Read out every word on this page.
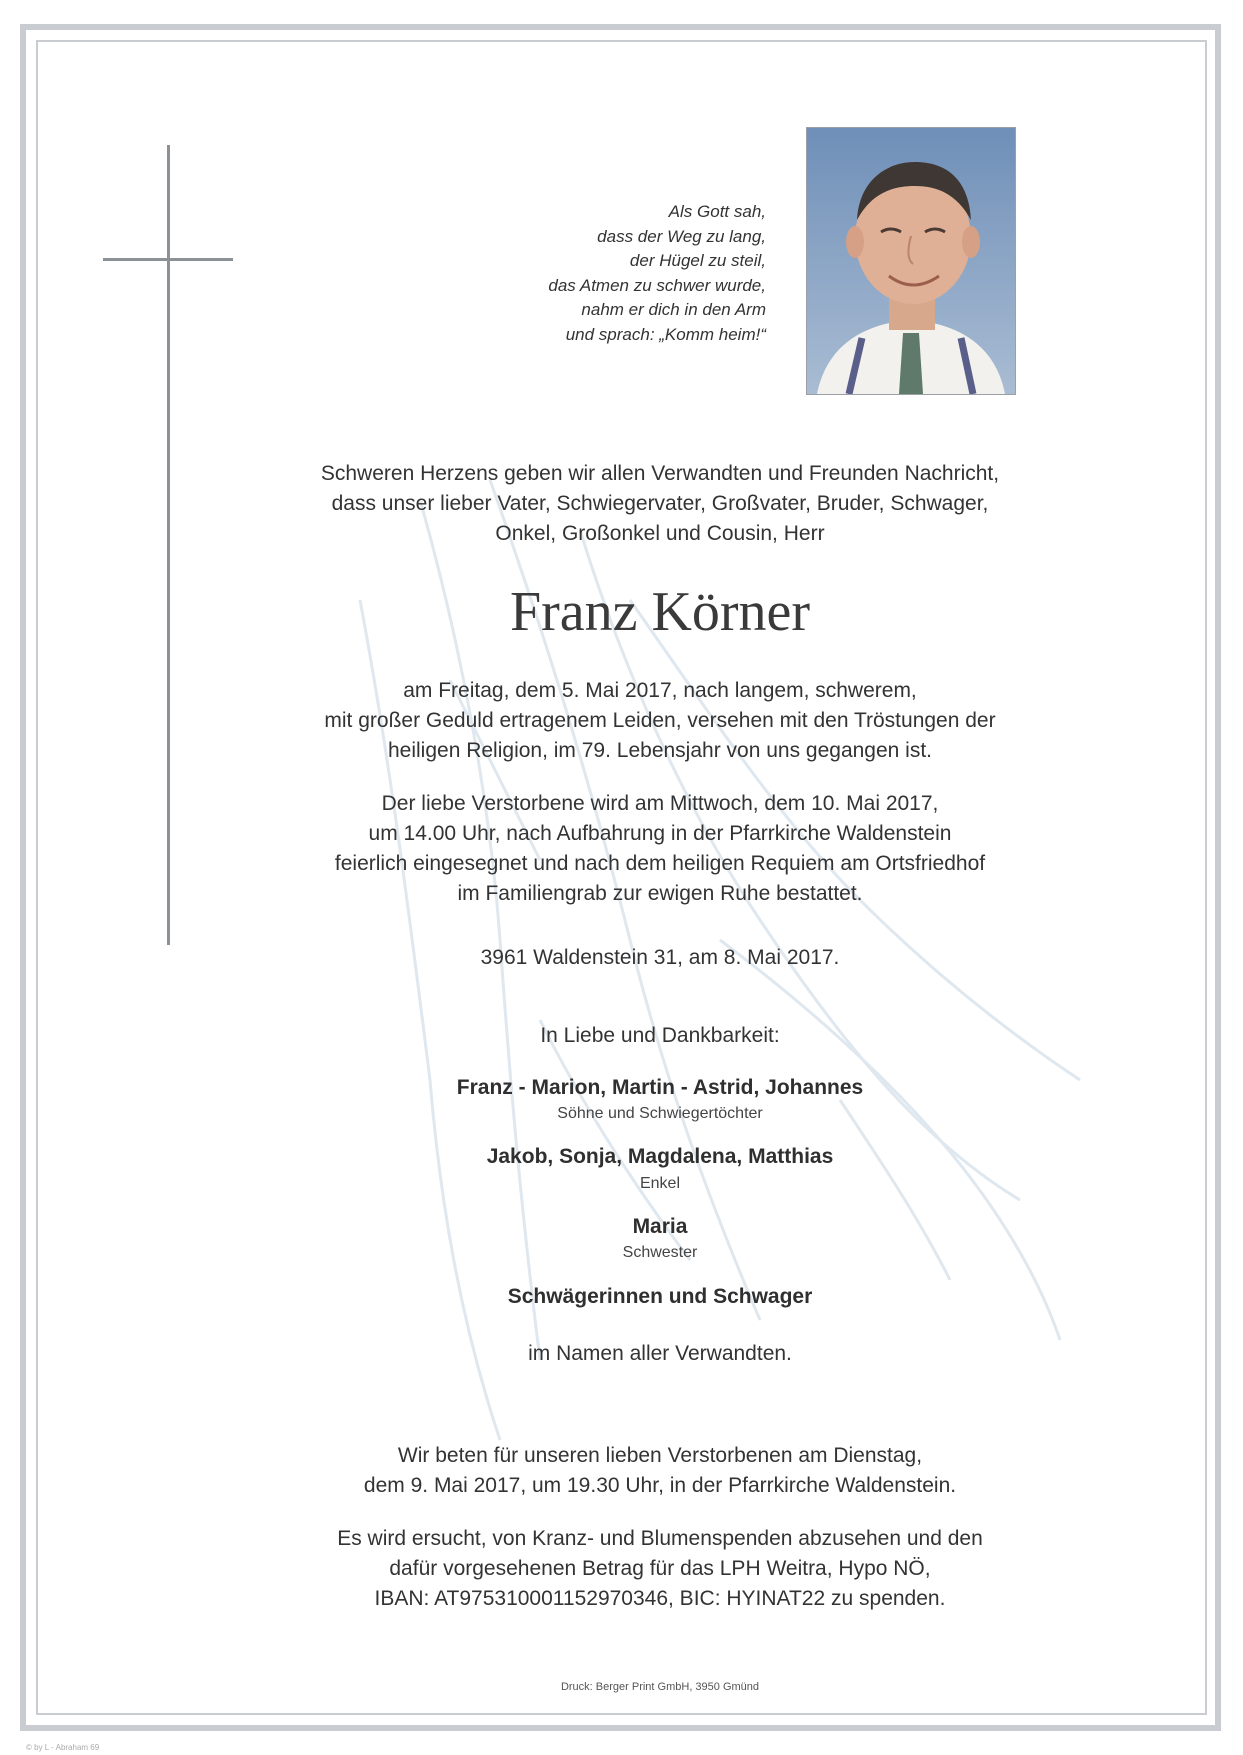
Als Gott sah,
dass der Weg zu lang,
der Hügel zu steil,
das Atmen zu schwer wurde,
nahm er dich in den Arm
und sprach: „Komm heim!“
Schweren Herzens geben wir allen Verwandten und Freunden Nachricht,
dass unser lieber Vater, Schwiegervater, Großvater, Bruder, Schwager,
Onkel, Großonkel und Cousin, Herr
Franz Körner
am Freitag, dem 5. Mai 2017, nach langem, schwerem,
mit großer Geduld ertragenem Leiden, versehen mit den Tröstungen der
heiligen Religion, im 79. Lebensjahr von uns gegangen ist.
Der liebe Verstorbene wird am Mittwoch, dem 10. Mai 2017,
um 14.00 Uhr, nach Aufbahrung in der Pfarrkirche Waldenstein
feierlich eingesegnet und nach dem heiligen Requiem am Ortsfriedhof
im Familiengrab zur ewigen Ruhe bestattet.
3961 Waldenstein 31, am 8. Mai 2017.
In Liebe und Dankbarkeit:
Franz - Marion, Martin - Astrid, Johannes
Söhne und Schwiegertöchter
Jakob, Sonja, Magdalena, Matthias
Enkel
Maria
Schwester
Schwägerinnen und Schwager
im Namen aller Verwandten.
Wir beten für unseren lieben Verstorbenen am Dienstag,
dem 9. Mai 2017, um 19.30 Uhr, in der Pfarrkirche Waldenstein.
Es wird ersucht, von Kranz- und Blumenspenden abzusehen und den
dafür vorgesehenen Betrag für das LPH Weitra, Hypo NÖ,
IBAN: AT975310001152970346, BIC: HYINAT22 zu spenden.
Druck: Berger Print GmbH, 3950 Gmünd
© by L - Abraham 69
